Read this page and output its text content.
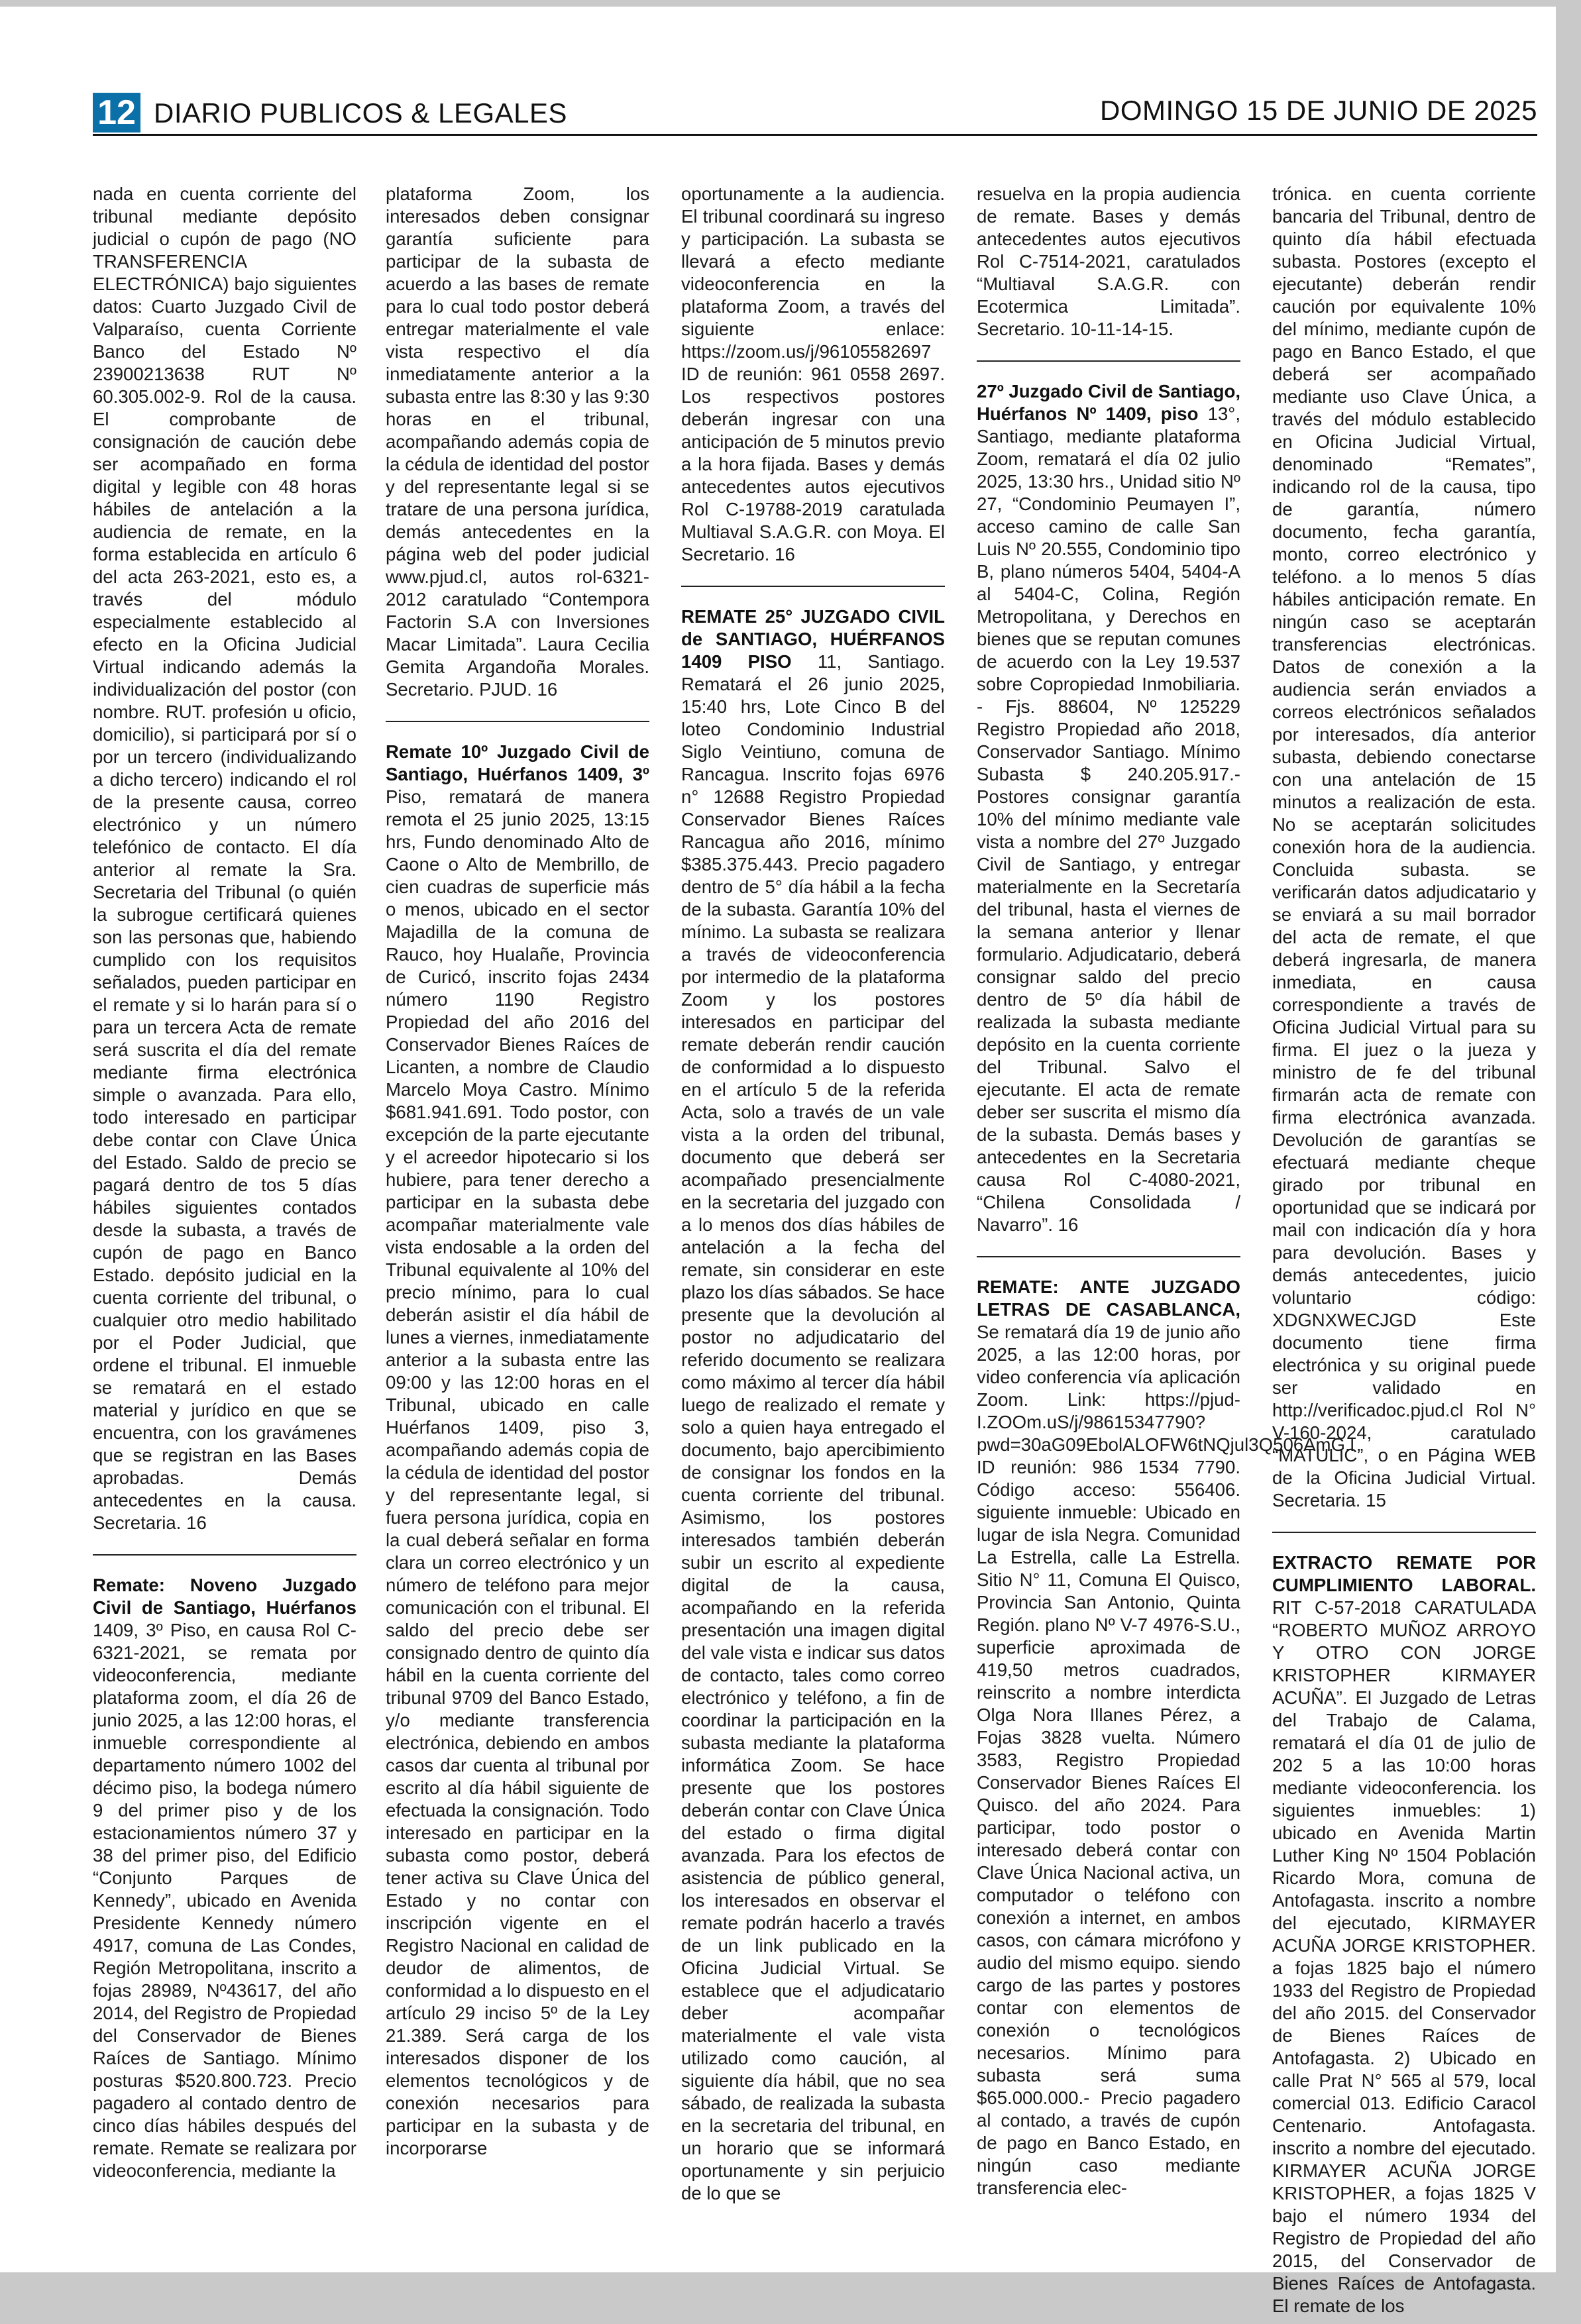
12 DIARIO PUBLICOS & LEGALES	DOMINGO 15 DE JUNIO DE 2025

nada en cuenta corriente del tribunal mediante depósito judicial o cupón de pago (NO TRANSFERENCIA ELECTRÓNICA) bajo siguientes datos: Cuarto Juzgado Civil de Valparaíso, cuenta Corriente Banco del Estado Nº 23900213638 RUT Nº 60.305.002-9. Rol de la causa. El comprobante de consignación de caución debe ser acompañado en forma digital y legible con 48 horas hábiles de antelación a la audiencia de remate, en la forma establecida en artículo 6 del acta 263-2021, esto es, a través del módulo especialmente establecido al efecto en la Oficina Judicial Virtual indicando además la individualización del postor (con nombre. RUT. profesión u oficio, domicilio), si participará por sí o por un tercero (individualizando a dicho tercero) indicando el rol de la presente causa, correo electrónico y un número telefónico de contacto. El día anterior al remate la Sra. Secretaria del Tribunal (o quién la subrogue certificará quienes son las personas que, habiendo cumplido con los requisitos señalados, pueden participar en el remate y si lo harán para sí o para un tercera Acta de remate será suscrita el día del remate mediante firma electrónica simple o avanzada. Para ello, todo interesado en participar debe contar con Clave Única del Estado. Saldo de precio se pagará dentro de tos 5 días hábiles siguientes contados desde la subasta, a través de cupón de pago en Banco Estado. depósito judicial en la cuenta corriente del tribunal, o cualquier otro medio habilitado por el Poder Judicial, que ordene el tribunal. El inmueble se rematará en el estado material y jurídico en que se encuentra, con los gravámenes que se registran en las Bases aprobadas. Demás antecedentes en la causa. Secretaria. 16

Remate: Noveno Juzgado Civil de Santiago, Huérfanos 1409, 3º Piso, en causa Rol C-6321-2021, se remata por videoconferencia, mediante plataforma zoom, el día 26 de junio 2025, a las 12:00 horas, el inmueble correspondiente al departamento número 1002 del décimo piso, la bodega número 9 del primer piso y de los estacionamientos número 37 y 38 del primer piso, del Edificio “Conjunto Parques de Kennedy”, ubicado en Avenida Presidente Kennedy número 4917, comuna de Las Condes, Región Metropolitana, inscrito a fojas 28989, Nº43617, del año 2014, del Registro de Propiedad del Conservador de Bienes Raíces de Santiago. Mínimo posturas $520.800.723. Precio pagadero al contado dentro de cinco días hábiles después del remate. Remate se realizara por videoconferencia, mediante la

plataforma Zoom, los interesados deben consignar garantía suficiente para participar de la subasta de acuerdo a las bases de remate para lo cual todo postor deberá entregar materialmente el vale vista respectivo el día inmediatamente anterior a la subasta entre las 8:30 y las 9:30 horas en el tribunal, acompañando además copia de la cédula de identidad del postor y del representante legal si se tratare de una persona jurídica, demás antecedentes en la página web del poder judicial www.pjud.cl, autos rol-6321-2012 caratulado “Contempora Factorin S.A con Inversiones Macar Limitada”. Laura Cecilia Gemita Argandoña Morales. Secretario. PJUD. 16

Remate 10º Juzgado Civil de Santiago, Huérfanos 1409, 3º Piso, rematará de manera remota el 25 junio 2025, 13:15 hrs, Fundo denominado Alto de Caone o Alto de Membrillo, de cien cuadras de superficie más o menos, ubicado en el sector Majadilla de la comuna de Rauco, hoy Hualañe, Provincia de Curicó, inscrito fojas 2434 número 1190 Registro Propiedad del año 2016 del Conservador Bienes Raíces de Licanten, a nombre de Claudio Marcelo Moya Castro. Mínimo $681.941.691. Todo postor, con excepción de la parte ejecutante y el acreedor hipotecario si los hubiere, para tener derecho a participar en la subasta debe acompañar materialmente vale vista endosable a la orden del Tribunal equivalente al 10% del precio mínimo, para lo cual deberán asistir el día hábil de lunes a viernes, inmediatamente anterior a la subasta entre las 09:00 y las 12:00 horas en el Tribunal, ubicado en calle Huérfanos 1409, piso 3, acompañando además copia de la cédula de identidad del postor y del representante legal, si fuera persona jurídica, copia en la cual deberá señalar en forma clara un correo electrónico y un número de teléfono para mejor comunicación con el tribunal. El saldo del precio debe ser consignado dentro de quinto día hábil en la cuenta corriente del tribunal 9709 del Banco Estado, y/o mediante transferencia electrónica, debiendo en ambos casos dar cuenta al tribunal por escrito al día hábil siguiente de efectuada la consignación. Todo interesado en participar en la subasta como postor, deberá tener activa su Clave Única del Estado y no contar con inscripción vigente en el Registro Nacional en calidad de deudor de alimentos, de conformidad a lo dispuesto en el artículo 29 inciso 5º de la Ley 21.389. Será carga de los interesados disponer de los elementos tecnológicos y de conexión necesarios para participar en la subasta y de incorporarse

oportunamente a la audiencia. El tribunal coordinará su ingreso y participación. La subasta se llevará a efecto mediante videoconferencia en la plataforma Zoom, a través del siguiente enlace: https://zoom.us/j/96105582697 ID de reunión: 961 0558 2697. Los respectivos postores deberán ingresar con una anticipación de 5 minutos previo a la hora fijada. Bases y demás antecedentes autos ejecutivos Rol C-19788-2019 caratulada Multiaval S.A.G.R. con Moya. El Secretario. 16

REMATE 25° JUZGADO CIVIL de SANTIAGO, HUÉRFANOS 1409 PISO 11, Santiago. Rematará el 26 junio 2025, 15:40 hrs, Lote Cinco B del loteo Condominio Industrial Siglo Veintiuno, comuna de Rancagua. Inscrito fojas 6976 n° 12688 Registro Propiedad Conservador Bienes Raíces Rancagua año 2016, mínimo $385.375.443. Precio pagadero dentro de 5° día hábil a la fecha de la subasta. Garantía 10% del mínimo. La subasta se realizara a través de videoconferencia por intermedio de la plataforma Zoom y los postores interesados en participar del remate deberán rendir caución de conformidad a lo dispuesto en el artículo 5 de la referida Acta, solo a través de un vale vista a la orden del tribunal, documento que deberá ser acompañado presencialmente en la secretaria del juzgado con a lo menos dos días hábiles de antelación a la fecha del remate, sin considerar en este plazo los días sábados. Se hace presente que la devolución al postor no adjudicatario del referido documento se realizara como máximo al tercer día hábil luego de realizado el remate y solo a quien haya entregado el documento, bajo apercibimiento de consignar los fondos en la cuenta corriente del tribunal. Asimismo, los postores interesados también deberán subir un escrito al expediente digital de la causa, acompañando en la referida presentación una imagen digital del vale vista e indicar sus datos de contacto, tales como correo electrónico y teléfono, a fin de coordinar la participación en la subasta mediante la plataforma informática Zoom. Se hace presente que los postores deberán contar con Clave Única del estado o firma digital avanzada. Para los efectos de asistencia de público general, los interesados en observar el remate podrán hacerlo a través de un link publicado en la Oficina Judicial Virtual. Se establece que el adjudicatario deber acompañar materialmente el vale vista utilizado como caución, al siguiente día hábil, que no sea sábado, de realizada la subasta en la secretaria del tribunal, en un horario que se informará oportunamente y sin perjuicio de lo que se

resuelva en la propia audiencia de remate. Bases y demás antecedentes autos ejecutivos Rol C-7514-2021, caratulados “Multiaval S.A.G.R. con Ecotermica Limitada”. Secretario. 10-11-14-15.

27º Juzgado Civil de Santiago, Huérfanos Nº 1409, piso 13°, Santiago, mediante plataforma Zoom, rematará el día 02 julio 2025, 13:30 hrs., Unidad sitio Nº 27, “Condominio Peumayen I”, acceso camino de calle San Luis Nº 20.555, Condominio tipo B, plano números 5404, 5404-A al 5404-C, Colina, Región Metropolitana, y Derechos en bienes que se reputan comunes de acuerdo con la Ley 19.537 sobre Copropiedad Inmobiliaria. - Fjs. 88604, Nº 125229 Registro Propiedad año 2018, Conservador Santiago. Mínimo Subasta $ 240.205.917.- Postores consignar garantía 10% del mínimo mediante vale vista a nombre del 27º Juzgado Civil de Santiago, y entregar materialmente en la Secretaría del tribunal, hasta el viernes de la semana anterior y llenar formulario. Adjudicatario, deberá consignar saldo del precio dentro de 5º día hábil de realizada la subasta mediante depósito en la cuenta corriente del Tribunal. Salvo el ejecutante. El acta de remate deber ser suscrita el mismo día de la subasta. Demás bases y antecedentes en la Secretaria causa Rol C-4080-2021, “Chilena Consolidada / Navarro”. 16

REMATE: ANTE JUZGADO LETRAS DE CASABLANCA, Se rematará día 19 de junio año 2025, a las 12:00 horas, por video conferencia vía aplicación Zoom. Link: https://pjud-I.ZOOm.uS/j/98615347790?pwd=30aG09EbolALOFW6tNQjul3Q506AmG.l ID reunión: 986 1534 7790. Código acceso: 556406. siguiente inmueble: Ubicado en lugar de isla Negra. Comunidad La Estrella, calle La Estrella. Sitio N° 11, Comuna El Quisco, Provincia San Antonio, Quinta Región. plano Nº V-7 4976-S.U., superficie aproximada de 419,50 metros cuadrados, reinscrito a nombre interdicta Olga Nora Illanes Pérez, a Fojas 3828 vuelta. Número 3583, Registro Propiedad Conservador Bienes Raíces El Quisco. del año 2024. Para participar, todo postor o interesado deberá contar con Clave Única Nacional activa, un computador o teléfono con conexión a internet, en ambos casos, con cámara micrófono y audio del mismo equipo. siendo cargo de las partes y postores contar con elementos de conexión o tecnológicos necesarios. Mínimo para subasta será suma $65.000.000.- Precio pagadero al contado, a través de cupón de pago en Banco Estado, en ningún caso mediante transferencia elec-

trónica. en cuenta corriente bancaria del Tribunal, dentro de quinto día hábil efectuada subasta. Postores (excepto el ejecutante) deberán rendir caución por equivalente 10% del mínimo, mediante cupón de pago en Banco Estado, el que deberá ser acompañado mediante uso Clave Única, a través del módulo establecido en Oficina Judicial Virtual, denominado “Remates”, indicando rol de la causa, tipo de garantía, número documento, fecha garantía, monto, correo electrónico y teléfono. a lo menos 5 días hábiles anticipación remate. En ningún caso se aceptarán transferencias electrónicas. Datos de conexión a la audiencia serán enviados a correos electrónicos señalados por interesados, día anterior subasta, debiendo conectarse con una antelación de 15 minutos a realización de esta. No se aceptarán solicitudes conexión hora de la audiencia. Concluida subasta. se verificarán datos adjudicatario y se enviará a su mail borrador del acta de remate, el que deberá ingresarla, de manera inmediata, en causa correspondiente a través de Oficina Judicial Virtual para su firma. El juez o la jueza y ministro de fe del tribunal firmarán acta de remate con firma electrónica avanzada. Devolución de garantías se efectuará mediante cheque girado por tribunal en oportunidad que se indicará por mail con indicación día y hora para devolución. Bases y demás antecedentes, juicio voluntario código: XDGNXWECJGD Este documento tiene firma electrónica y su original puede ser validado en http://verificadoc.pjud.cl Rol N° V-160-2024, caratulado “MATULIC”, o en Página WEB de la Oficina Judicial Virtual. Secretaria. 15

EXTRACTO REMATE POR CUMPLIMIENTO LABORAL. RIT C-57-2018 CARATULADA “ROBERTO MUÑOZ ARROYO Y OTRO CON JORGE KRISTOPHER KIRMAYER ACUÑA”. El Juzgado de Letras del Trabajo de Calama, rematará el día 01 de julio de 202 5 a las 10:00 horas mediante videoconferencia. los siguientes inmuebles: 1) ubicado en Avenida Martin Luther King Nº 1504 Población Ricardo Mora, comuna de Antofagasta. inscrito a nombre del ejecutado, KIRMAYER ACUÑA JORGE KRISTOPHER. a fojas 1825 bajo el número 1933 del Registro de Propiedad del año 2015. del Conservador de Bienes Raíces de Antofagasta. 2) Ubicado en calle Prat N° 565 al 579, local comercial 013. Edificio Caracol Centenario. Antofagasta. inscrito a nombre del ejecutado. KIRMAYER ACUÑA JORGE KRISTOPHER, a fojas 1825 V bajo el número 1934 del Registro de Propiedad del año 2015, del Conservador de Bienes Raíces de Antofagasta. El remate de los
